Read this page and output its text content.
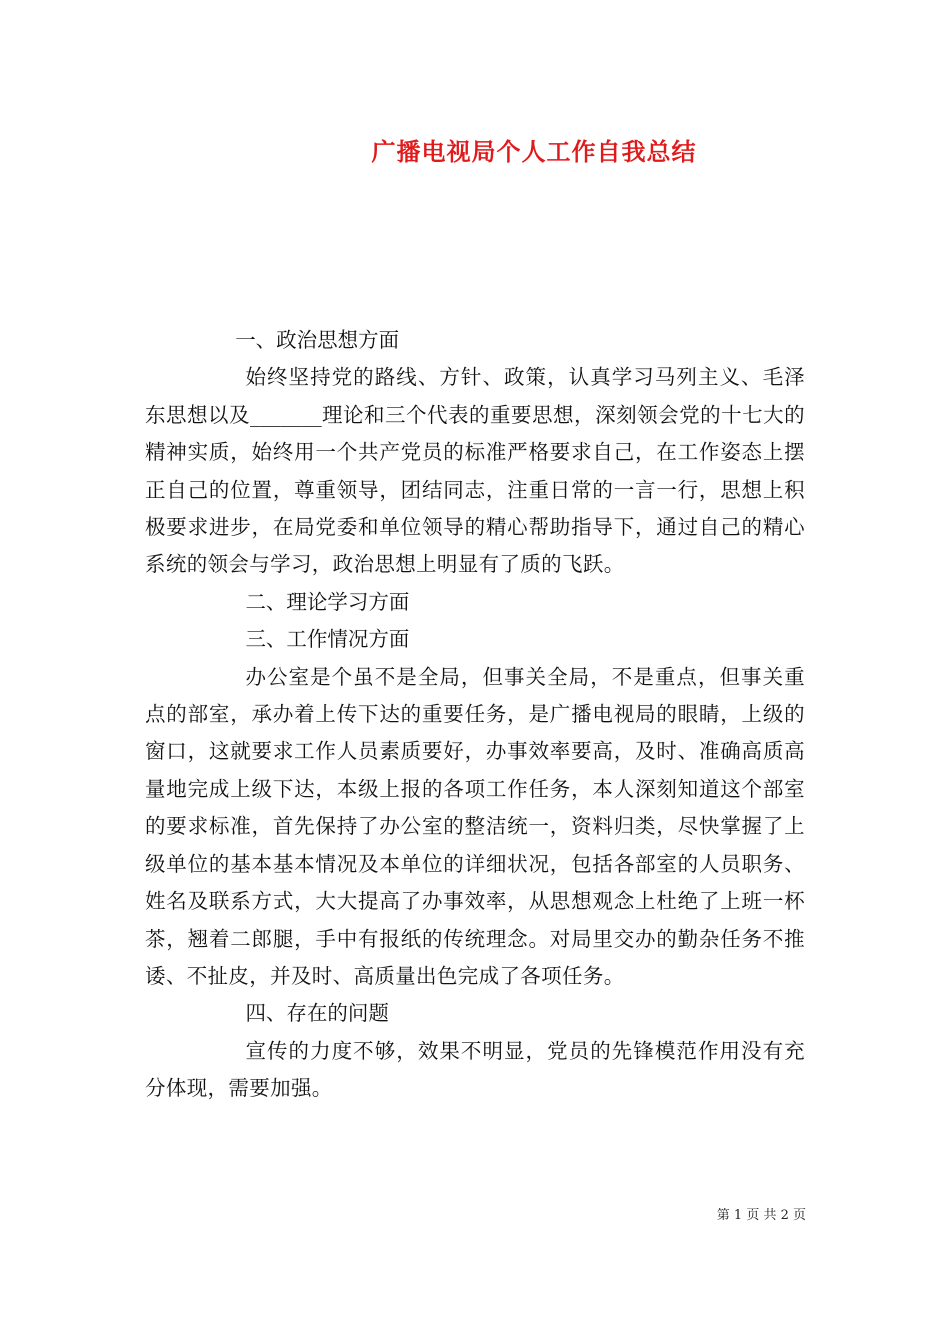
广播电视局个人工作自我总结

一、政治思想方面

始终坚持党的路线、方针、政策，认真学习马列主义、毛泽东思想以及_______理论和三个代表的重要思想，深刻领会党的十七大的精神实质，始终用一个共产党员的标准严格要求自己，在工作姿态上摆正自己的位置，尊重领导，团结同志，注重日常的一言一行，思想上积极要求进步，在局党委和单位领导的精心帮助指导下，通过自己的精心系统的领会与学习，政治思想上明显有了质的飞跃。

二、理论学习方面

三、工作情况方面

办公室是个虽不是全局，但事关全局，不是重点，但事关重点的部室，承办着上传下达的重要任务，是广播电视局的眼睛，上级的窗口，这就要求工作人员素质要好，办事效率要高，及时、准确高质高量地完成上级下达，本级上报的各项工作任务，本人深刻知道这个部室的要求标准，首先保持了办公室的整洁统一，资料归类，尽快掌握了上级单位的基本基本情况及本单位的详细状况，包括各部室的人员职务、姓名及联系方式，大大提高了办事效率，从思想观念上杜绝了上班一杯茶，翘着二郎腿，手中有报纸的传统理念。对局里交办的勤杂任务不推诿、不扯皮，并及时、高质量出色完成了各项任务。

四、存在的问题

宣传的力度不够，效果不明显，党员的先锋模范作用没有充分体现，需要加强。

第 1 页 共 2 页
